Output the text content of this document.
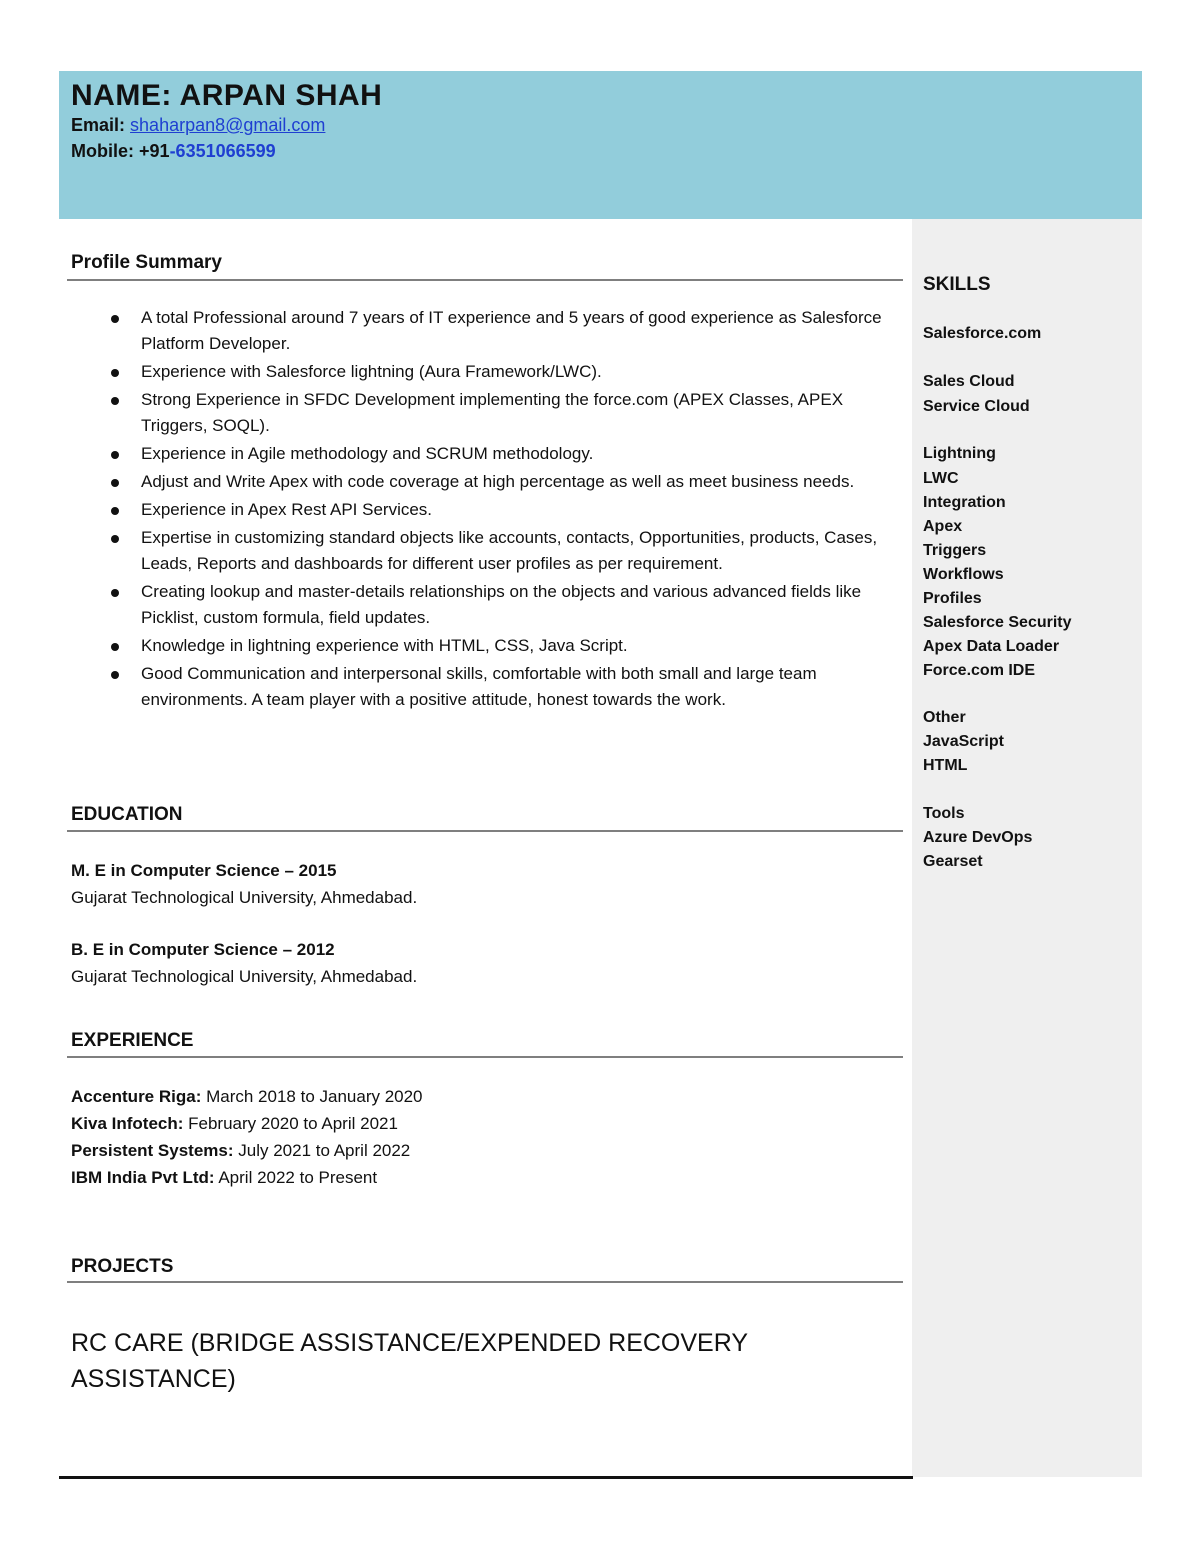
NAME: ARPAN SHAH
Email: shaharpan8@gmail.com
Mobile: +91-6351066599
SKILLS
Salesforce.com
Sales Cloud
Service Cloud
Lightning
LWC
Integration
Apex
Triggers
Workflows
Profiles
Salesforce Security
Apex Data Loader
Force.com IDE
Other
JavaScript
HTML
Tools
Azure DevOps
Gearset
Profile Summary
A total Professional around 7 years of IT experience and 5 years of good experience as Salesforce Platform Developer.
Experience with Salesforce lightning (Aura Framework/LWC).
Strong Experience in SFDC Development implementing the force.com (APEX Classes, APEX Triggers, SOQL).
Experience in Agile methodology and SCRUM methodology.
Adjust and Write Apex with code coverage at high percentage as well as meet business needs.
Experience in Apex Rest API Services.
Expertise in customizing standard objects like accounts, contacts, Opportunities, products, Cases, Leads, Reports and dashboards for different user profiles as per requirement.
Creating lookup and master-details relationships on the objects and various advanced fields like Picklist, custom formula, field updates.
Knowledge in lightning experience with HTML, CSS, Java Script.
Good Communication and interpersonal skills, comfortable with both small and large team environments. A team player with a positive attitude, honest towards the work.
EDUCATION
M. E in Computer Science – 2015
Gujarat Technological University, Ahmedabad.
B. E in Computer Science – 2012
Gujarat Technological University, Ahmedabad.
EXPERIENCE
Accenture Riga: March 2018 to January 2020
Kiva Infotech: February 2020 to April 2021
Persistent Systems: July 2021 to April 2022
IBM India Pvt Ltd: April 2022 to Present
PROJECTS
RC CARE (BRIDGE ASSISTANCE/EXPENDED RECOVERY ASSISTANCE)
